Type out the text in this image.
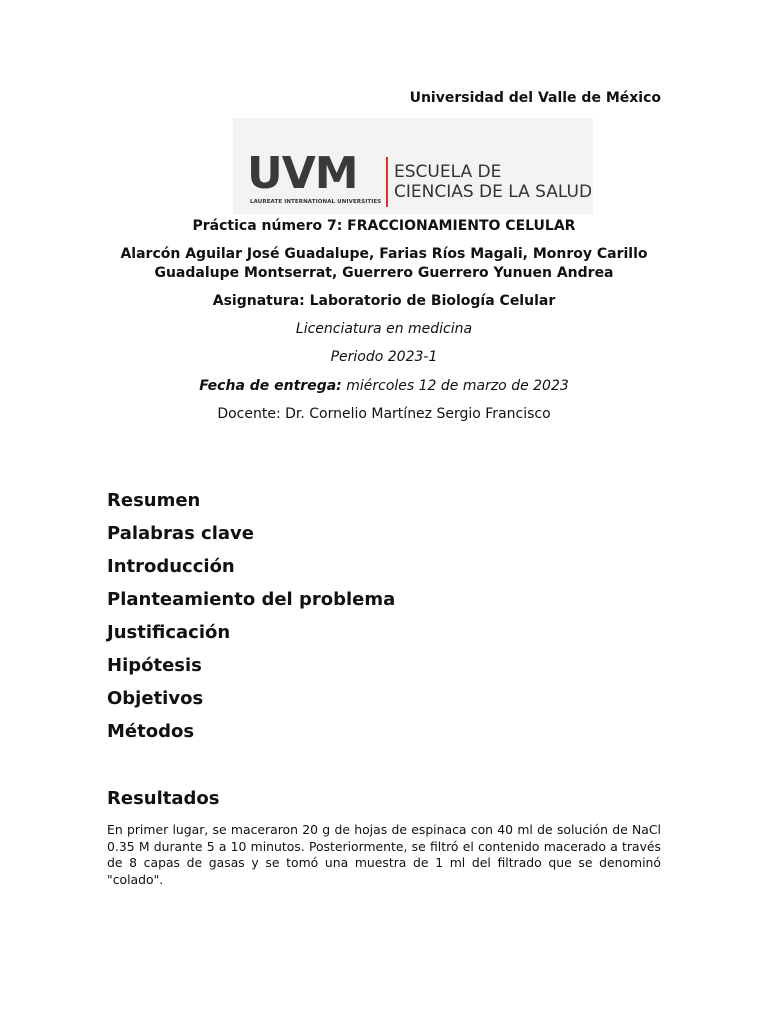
Universidad del Valle de México
UVM
LAUREATE INTERNATIONAL UNIVERSITIES
ESCUELA DE
CIENCIAS DE LA SALUD
Práctica número 7: FRACCIONAMIENTO CELULAR
Alarcón Aguilar José Guadalupe, Farias Ríos Magali, Monroy Carillo
Guadalupe Montserrat, Guerrero Guerrero Yunuen Andrea
Asignatura: Laboratorio de Biología Celular
Licenciatura en medicina
Periodo 2023-1
Fecha de entrega: miércoles 12 de marzo de 2023
Docente: Dr. Cornelio Martínez Sergio Francisco
Resumen
Palabras clave
Introducción
Planteamiento del problema
Justificación
Hipótesis
Objetivos
Métodos
Resultados

En primer lugar, se maceraron 20 g de hojas de espinaca con 40 ml de solución de NaCl 0.35 M durante 5 a 10 minutos. Posteriormente, se filtró el contenido macerado a través de 8 capas de gasas y se tomó una muestra de 1 ml del filtrado que se denominó "colado".
